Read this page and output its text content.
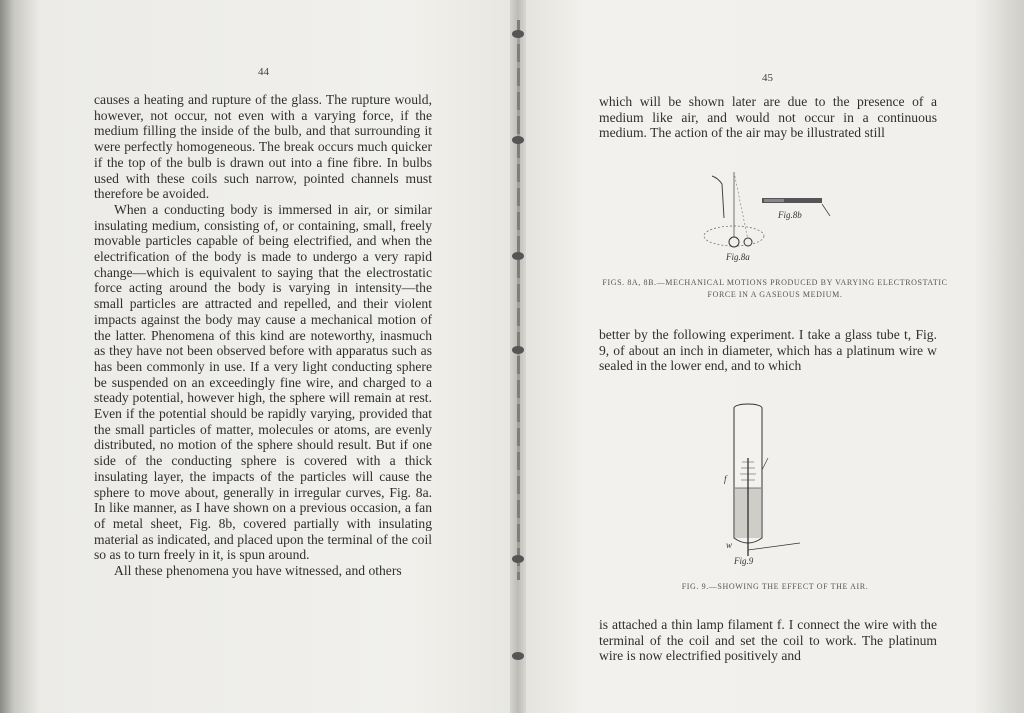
44

causes a heating and rupture of the glass. The rupture would, however, not occur, not even with a varying force, if the medium filling the inside of the bulb, and that surrounding it were perfectly homogeneous. The break occurs much quicker if the top of the bulb is drawn out into a fine fibre. In bulbs used with these coils such narrow, pointed channels must therefore be avoided.

When a conducting body is immersed in air, or similar insulating medium, consisting of, or containing, small, freely movable particles capable of being electrified, and when the electrification of the body is made to undergo a very rapid change—which is equivalent to saying that the electrostatic force acting around the body is varying in intensity—the small particles are attracted and repelled, and their violent impacts against the body may cause a mechanical motion of the latter. Phenomena of this kind are noteworthy, inasmuch as they have not been observed before with apparatus such as has been commonly in use. If a very light conducting sphere be suspended on an exceedingly fine wire, and charged to a steady potential, however high, the sphere will remain at rest. Even if the potential should be rapidly varying, provided that the small particles of matter, molecules or atoms, are evenly distributed, no motion of the sphere should result. But if one side of the conducting sphere is covered with a thick insulating layer, the impacts of the particles will cause the sphere to move about, generally in irregular curves, Fig. 8a. In like manner, as I have shown on a previous occasion, a fan of metal sheet, Fig. 8b, covered partially with insulating material as indicated, and placed upon the terminal of the coil so as to turn freely in it, is spun around.

All these phenomena you have witnessed, and others

45

which will be shown later are due to the presence of a medium like air, and would not occur in a continuous medium. The action of the air may be illustrated still

Fig.8b
Fig.8a
FIGS. 8A, 8B.—MECHANICAL MOTIONS PRODUCED BY VARYING ELECTROSTATIC
FORCE IN A GASEOUS MEDIUM.

better by the following experiment. I take a glass tube t, Fig. 9, of about an inch in diameter, which has a platinum wire w sealed in the lower end, and to which

f
w
Fig.9
FIG. 9.—SHOWING THE EFFECT OF THE AIR.

is attached a thin lamp filament f. I connect the wire with the terminal of the coil and set the coil to work. The platinum wire is now electrified positively and
